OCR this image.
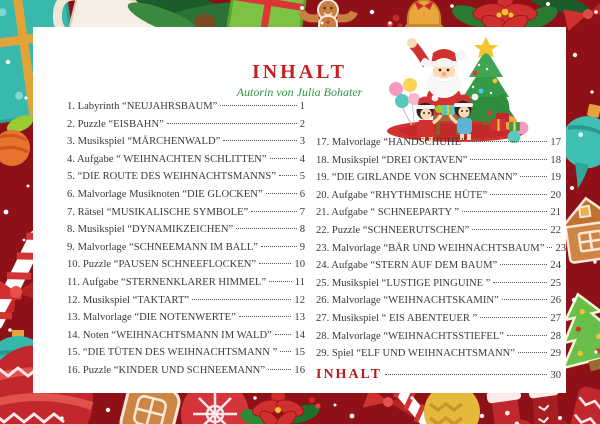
INHALT
Autorin von Julia Bohater
1. Labyrinth “NEUJAHRSBAUM”	1
2. Puzzle “EISBAHN”	2
3. Musikspiel “MÄRCHENWALD”	3
4. Aufgabe “ WEIHNACHTEN SCHLITTEN”	4
5. “DIE ROUTE DES WEIHNACHTSMANNS” 5
6. Malvorlage Musiknoten “DIE GLOCKEN”	6
7. Rätsel “MUSIKALISCHE SYMBOLE”	7
8. Musikspiel “DYNAMIKZEICHEN”	8
9. Malvorlage “SCHNEEMANN IM BALL”	9
10. Puzzle “PAUSEN SCHNEEFLOCKEN”	10
11. Aufgabe “STERNENKLARER HIMMEL”	11
12. Musikspiel “TAKTART”	12
13. Malvorlage “DIE NOTENWERTE”	13
14. Noten “WEIHNACHTSMANN IM WALD” 14
15. “DIE TÜTEN DES WEIHNACHTSMANN ” 15
16. Puzzle “KINDER UND SCHNEEMANN”	16
17. Malvorlage “HANDSCHUHE”	17
18. Musikspiel “DREI OKTAVEN”	18
19. “DIE GIRLANDE VON SCHNEEMANN”	19
20. Aufgabe “RHYTHMISCHE HÜTE”	20
21. Aufgabe “ SCHNEEPARTY ”	21
22. Puzzle “SCHNEERUTSCHEN”	22
23. Malvorlage “BÄR UND WEIHNACHTSBAUM” 23
24. Aufgabe “STERN AUF DEM BAUM”	24
25. Musikspiel “LUSTIGE PINGUINE ”	25
26. Malvorlage “WEIHNACHTSKAMIN”	26
27. Musikspiel “ EIS ABENTEUER ”	27
28. Malvorlage “WEIHNACHTSSTIEFEL”	28
29. Spiel “ELF UND WEIHNACHTSMANN”	29
INHALT	30
